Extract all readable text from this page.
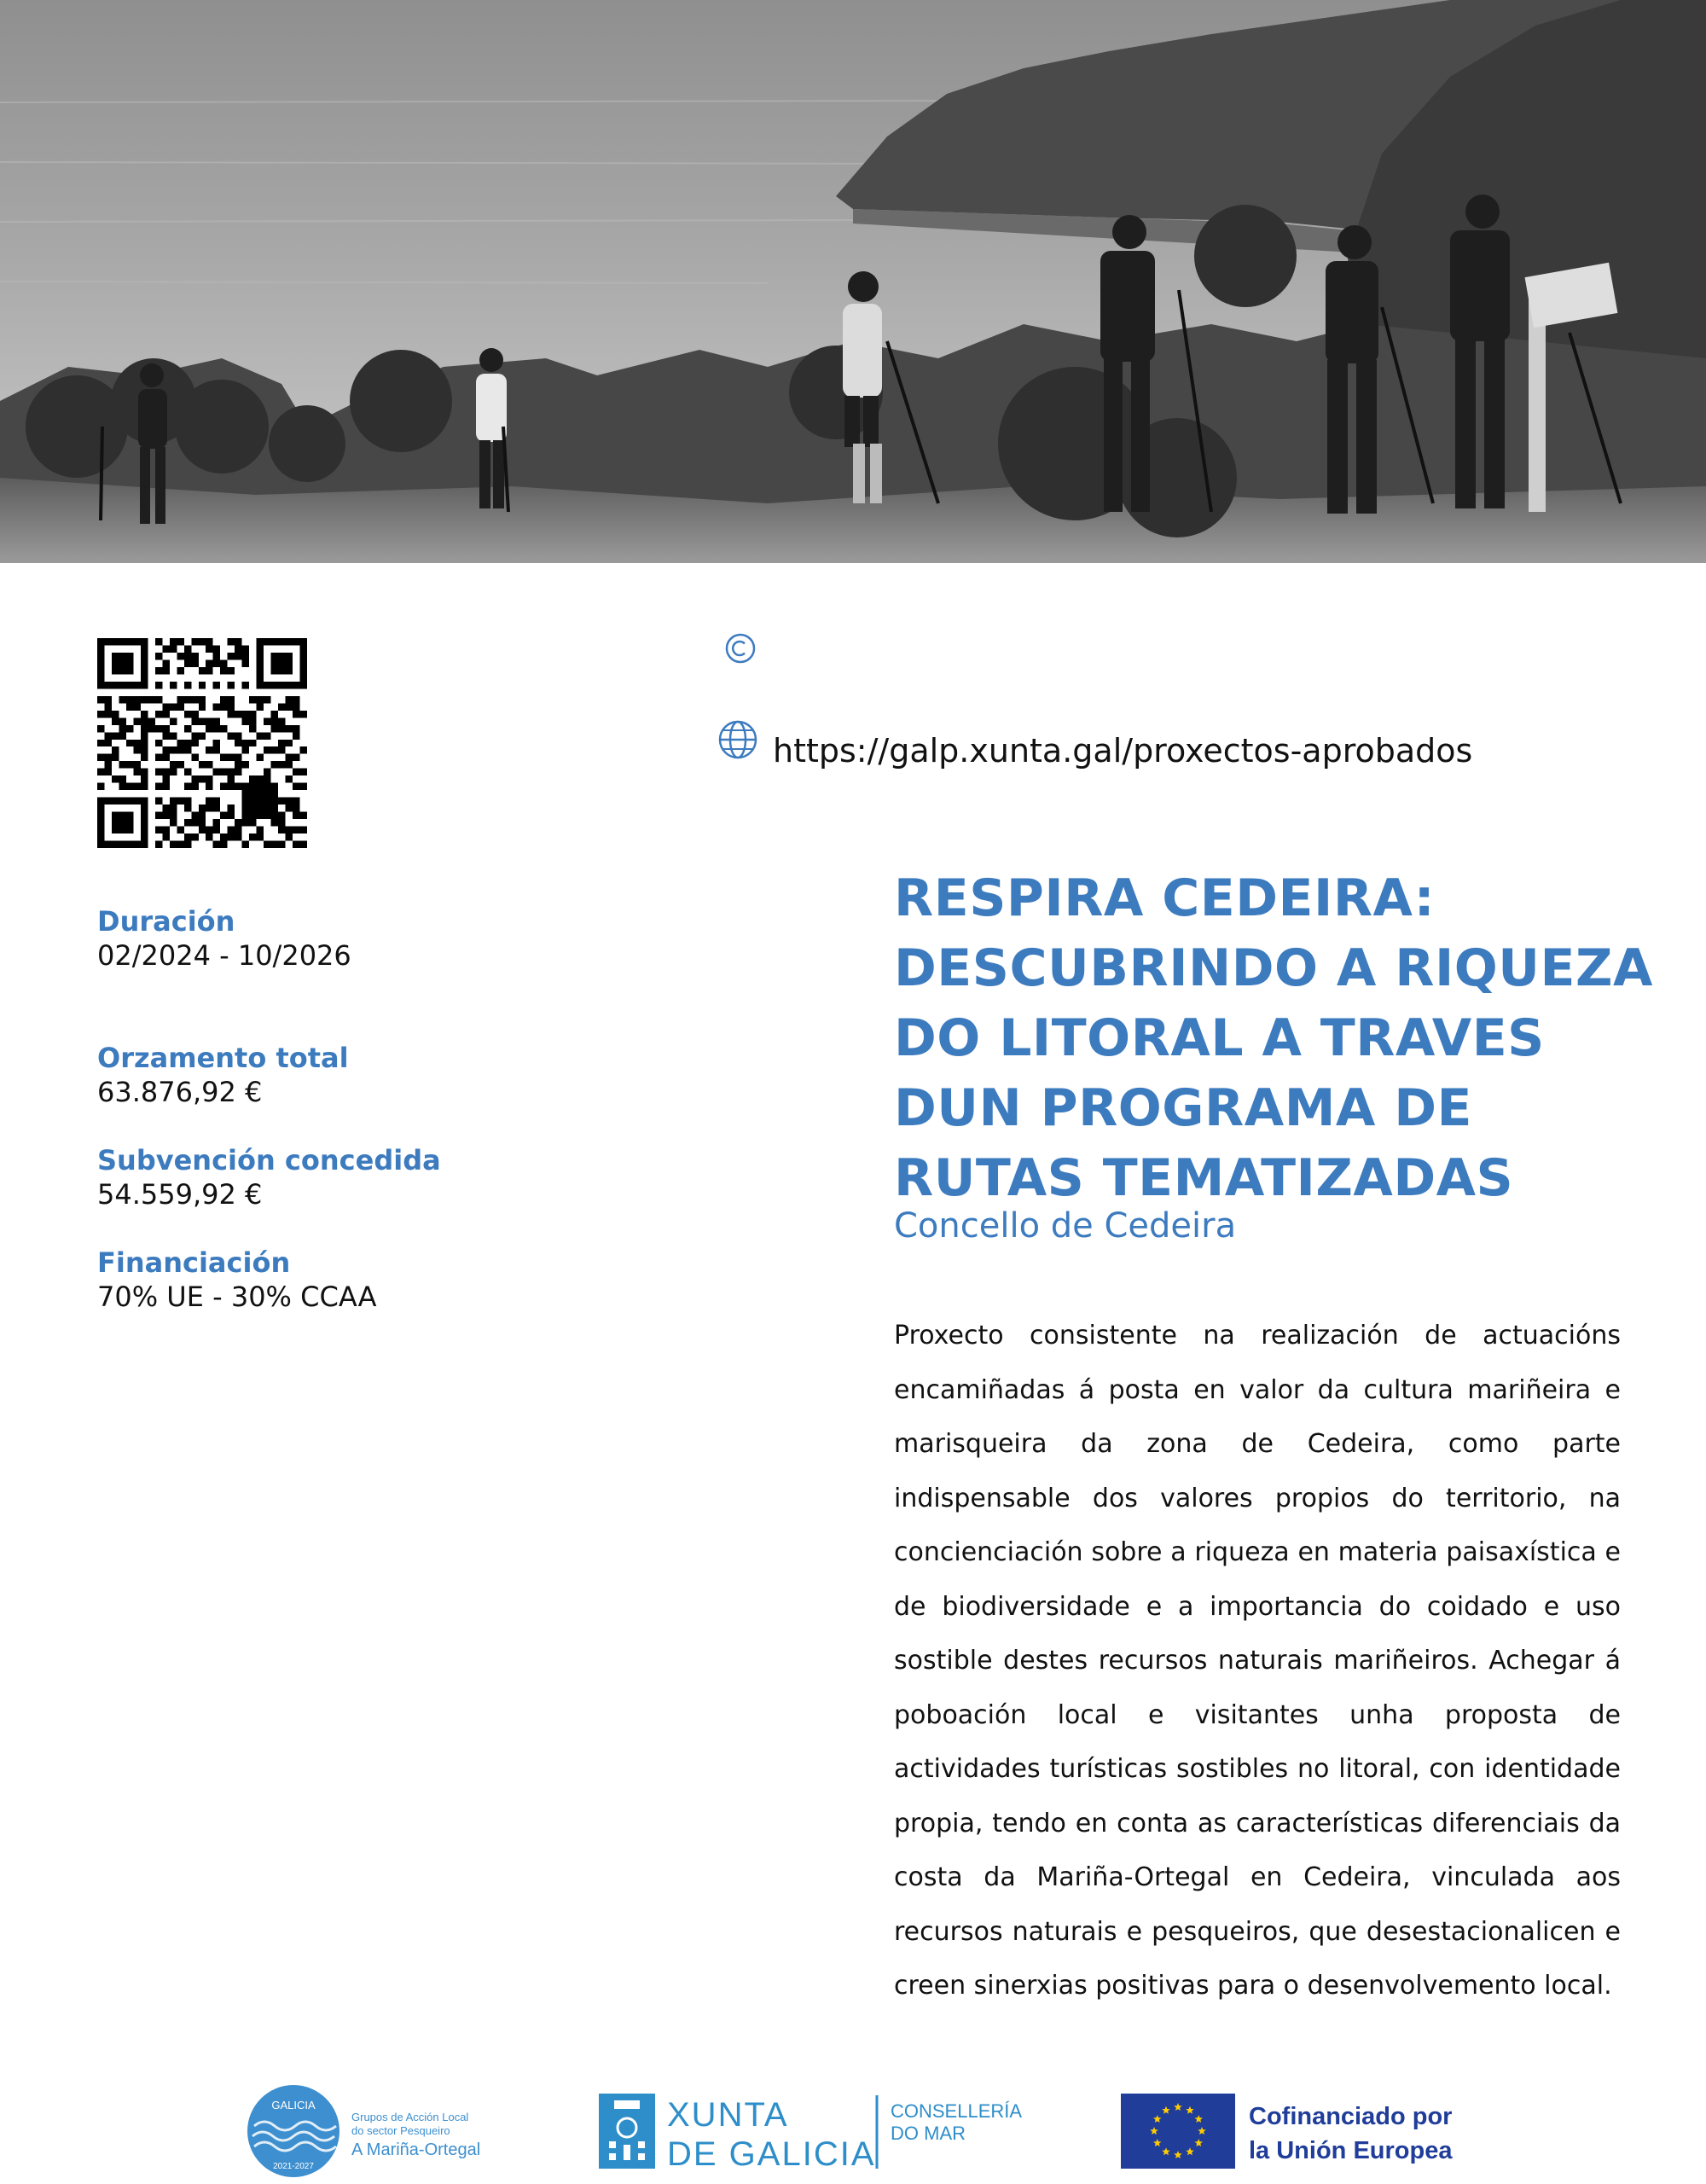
Duración
02/2024 - 10/2026
Orzamento total
63.876,92 €
Subvención concedida
54.559,92 €
Financiación
70% UE - 30% CCAA
https://galp.xunta.gal/proxectos-aprobados
RESPIRA CEDEIRA: DESCUBRINDO A RIQUEZA DO LITORAL A TRAVES DUN PROGRAMA DE RUTAS TEMATIZADAS
Concello de Cedeira

Proxecto consistente na realización de actuacións encamiñadas á posta en valor da cultura mariñeira e marisqueira da zona de Cedeira, como parte indispensable dos valores propios do territorio, na concienciación sobre a riqueza en materia paisaxística e de biodiversidade e a importancia do coidado e uso sostible destes recursos naturais mariñeiros. Achegar á poboación local e visitantes unha proposta de actividades turísticas sostibles no litoral, con identidade propia, tendo en conta as características diferenciais da costa da Mariña-Ortegal en Cedeira, vinculada aos recursos naturais e pesqueiros, que desestacionalicen e creen sinerxias positivas para o desenvolvemento local.

GALICIA
2021-2027
Grupos de Acción Local
do sector Pesqueiro
A Mariña-Ortegal
XUNTA
DE GALICIA
CONSELLERÍA
DO MAR
Cofinanciado por
la Unión Europea
